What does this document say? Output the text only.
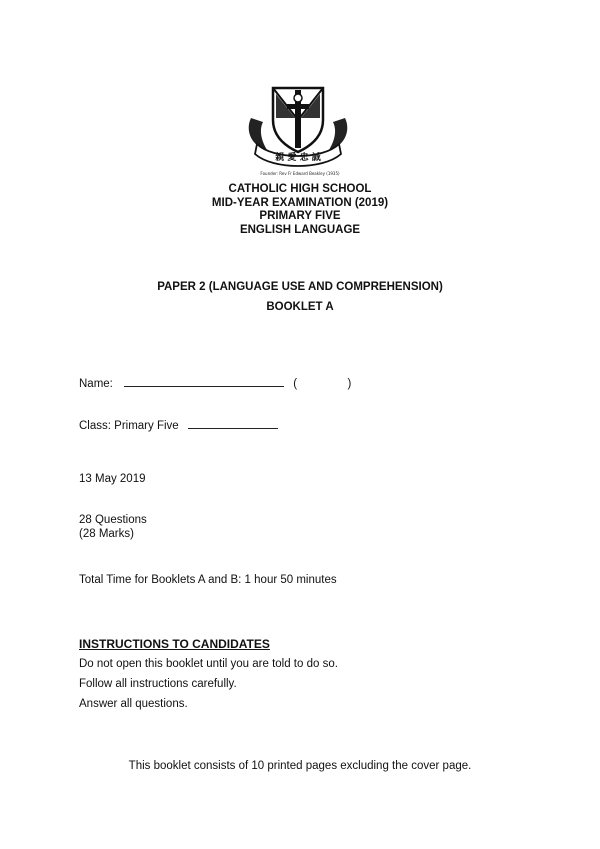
親 愛 忠 誠
Founder: Rev Fr Edward Beakley (1935)
CATHOLIC HIGH SCHOOL
MID-YEAR EXAMINATION (2019)
PRIMARY FIVE
ENGLISH LANGUAGE
PAPER 2 (LANGUAGE USE AND COMPREHENSION)
BOOKLET A
Name:	(	)
Class: Primary Five
13 May 2019
28 Questions
(28 Marks)
Total Time for Booklets A and B: 1 hour 50 minutes
INSTRUCTIONS TO CANDIDATES
Do not open this booklet until you are told to do so.
Follow all instructions carefully.
Answer all questions.
This booklet consists of 10 printed pages excluding the cover page.
